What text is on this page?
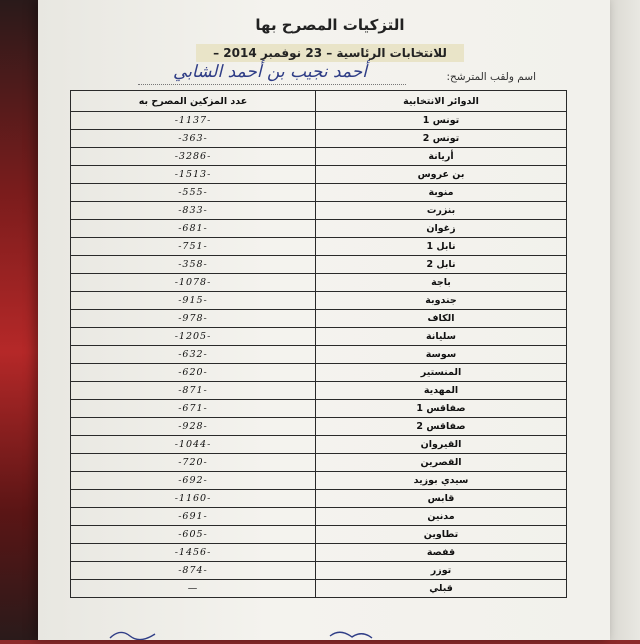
التزكيات المصرح بها
للانتخابات الرئاسية – 23 نوفمبر 2014 –
اسم ولقب المترشح:
أحمد نجيب بن أحمد الشابي
عدد المزكين المصرح به	الدوائر الانتخابية
-1137-	تونس 1
-363-	تونس 2
-3286-	أريانة
-1513-	بن عروس
-555-	منوبة
-833-	بنزرت
-681-	زغوان
-751-	نابل 1
-358-	نابل 2
-1078-	باجة
-915-	جندوبة
-978-	الكاف
-1205-	سليانة
-632-	سوسة
-620-	المنستير
-871-	المهدية
-671-	صفاقس 1
-928-	صفاقس 2
-1044-	القيروان
-720-	القصرين
-692-	سيدي بوزيد
-1160-	قابس
-691-	مدنين
-605-	تطاوين
-1456-	قفصة
-874-	توزر
—	قبلي
